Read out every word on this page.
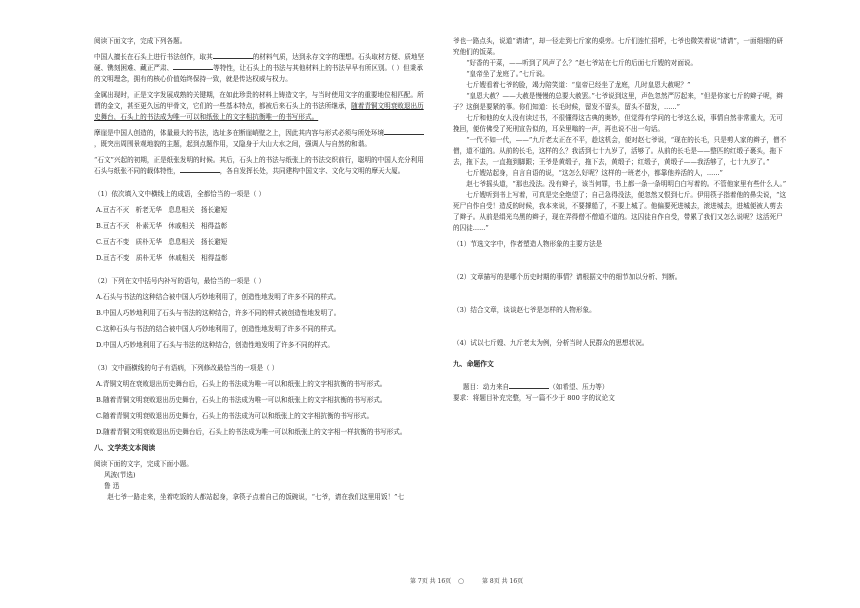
阅读下面文字，完成下列各题。

中国人擅长在石头上进行书法创作，取其	的材料气质，达到永存文字的理想。石头取材方便、质地坚硬、镌刻困难、藏正严肃、	等特性，让石头上的书法与其他材料上的书法早早有所区别。（ ）但秉承的文明理念，拥有的核心价值始终保持一致，就是传达权威与权力。

金属出现时，正是文字发展成熟的关键期，在如此珍贵的材料上铸造文字，与当时使用文字的重要地位相匹配。所谓的金文，甚至更久远的甲骨文，它们的一些基本特点，都被后来石头上的书法所继承，随着青铜文明衰败退出历史舞台，石头上的书法成为唯一可以和纸张上的文字相抗衡唯一的书写形式。

摩崖是中国人创造的，体量最大的书法，选址多在断崖峭壁之上，因此其内容与形式必须与所处环境，既突出周围景观地貌的主题，起到点题作用，又隐身于大山大水之间，强调人与自然的和谐。

“石文”兴起的初期，正是纸张发明的时候。其后，石头上的书法与纸张上的书法交织前行，聪明的中国人充分利用石头与纸张不同的载体特性，	，各自发挥长处，共同建构中国文字、文化与文明的摩天大厦。

（1）依次填入文中横线上的成语，全都恰当的一项是（ ）

A.亘古不灭 析老无华 息息相关 扬长避短

B.亘古不灭 朴素无华 休戚相关 相得益彰

C.亘古不变 质朴无华 息息相关 扬长避短

D.亘古不变 质朴无华 休戚相关 相得益彰

（2）下列在文中括号内补写的语句，最恰当的一项是（ ）

A.石头与书法的这种结合被中国人巧妙地利用了，创造性地发明了许多不同的样式。

B.中国人巧妙地利用了石头与书法的这种结合，许多不同的样式被创造性地发明了。

C.这种石头与书法的结合被中国人巧妙地利用了，创造性地发明了许多不同的样式。

D.中国人巧妙地利用了石头与书法的这种结合，创造性地发明了许多不同的样式。

（3）文中画横线的句子有语病，下列修改最恰当的一项是（ ）

A.青铜文明在衰败退出历史舞台后，石头上的书法成为唯一可以和纸张上的文字相抗衡的书写形式。

B.随着青铜文明衰败退出历史舞台，石头上的书法成为唯一可以和纸张上的文字相抗衡的书写形式。

C.随着青铜文明衰败退出历史舞台，石头上的书法成为可以和纸张上的文字相抗衡的书写形式。

D.随着青铜文明衰败退出历史舞台后，石头上的书法成为唯一可以和纸张上的文字相一样抗衡的书写形式。

八、文学类文本阅读

阅读下面的文字，完成下面小题。

风波(节选)

鲁 迅

赵七爷一路走来，坐着吃饭的人都站起身，拿筷子点着自己的饭碗说，“七爷，请在我们这里用饭！”七

爷也一路点头，说道“请请”，却一径走到七斤家的桌旁。七斤们连忙招呼，七爷也微笑着说“请请”，一面细细的研究他们的饭菜。

“好香的干菜，——听到了风声了么？”赵七爷站在七斤的后面七斤嫂的对面说。

“皇帝坐了龙庭了。”七斤说。

七斤嫂看着七爷的脸，竭力陪笑道：“皇帝已经坐了龙庭，几时皇恩大赦呢？”

“皇恩大赦？——大赦是慢慢的总要大赦罢。”七爷说到这里，声色忽然严厉起来，“但是你家七斤的辫子呢，辫子？这倒是要紧的事。你们知道：长毛时候，留发不留头，留头不留发，......”

七斤和他的女人没有读过书，不很懂得这古典的奥妙，但觉得有学问的七爷这么说，事情自然非常重大，无可挽回，便仿佛受了死刑宣告似的，耳朵里嗡的一声，再也说不出一句话。

“一代不如一代，——”九斤老太正在不平，趁这机会，便对赵七爷说，“现在的长毛，只是剪人家的辫子，僧不僧，道不道的。从前的长毛，这样的么？我活到七十九岁了，活够了。从前的长毛是——整匹的红缎子裹头，拖下去，拖下去，一直拖到脚跟；王爷是黄缎子，拖下去，黄缎子；红缎子，黄缎子——我活够了，七十九岁了。”

七斤嫂站起身，自言自语的说，“这怎么好呢？这样的一班老小，都靠他养活的人，......”

赵七爷摇头道，“那也没法。没有辫子，该当何罪，书上都一条一条明明白白写着的。不管他家里有些什么人。”

七斤嫂听到书上写着，可真是完全绝望了；自己急得没法，便忽然又恨到七斤。伊用筷子指着他的鼻尖说，“这死尸自作自受！造反的时候，我本来说，不要撑船了，不要上城了。他偏要死进城去，滚进城去，进城便被人剪去了辫子。从前是绢光乌黑的辫子，现在弄得僧不僧道不道的。这囚徒自作自受，带累了我们又怎么说呢？这活死尸的囚徒......”

（1）节选文字中，作者塑造人物形象的主要方法是

（2）文章描写的是哪个历史时期的事情？请根据文中的细节加以分析、判断。

（3）结合文章，谈谈赵七爷是怎样的人物形象。

（4）试以七斤嫂、九斤老太为例，分析当时人民群众的思想状况。

九、命题作文

题目：动力来自	（如希望、压力等）

要求：将题目补充完整，写一篇不少于 800 字的议论文

第 7页 共 16页 ○	第 8页 共 16页
